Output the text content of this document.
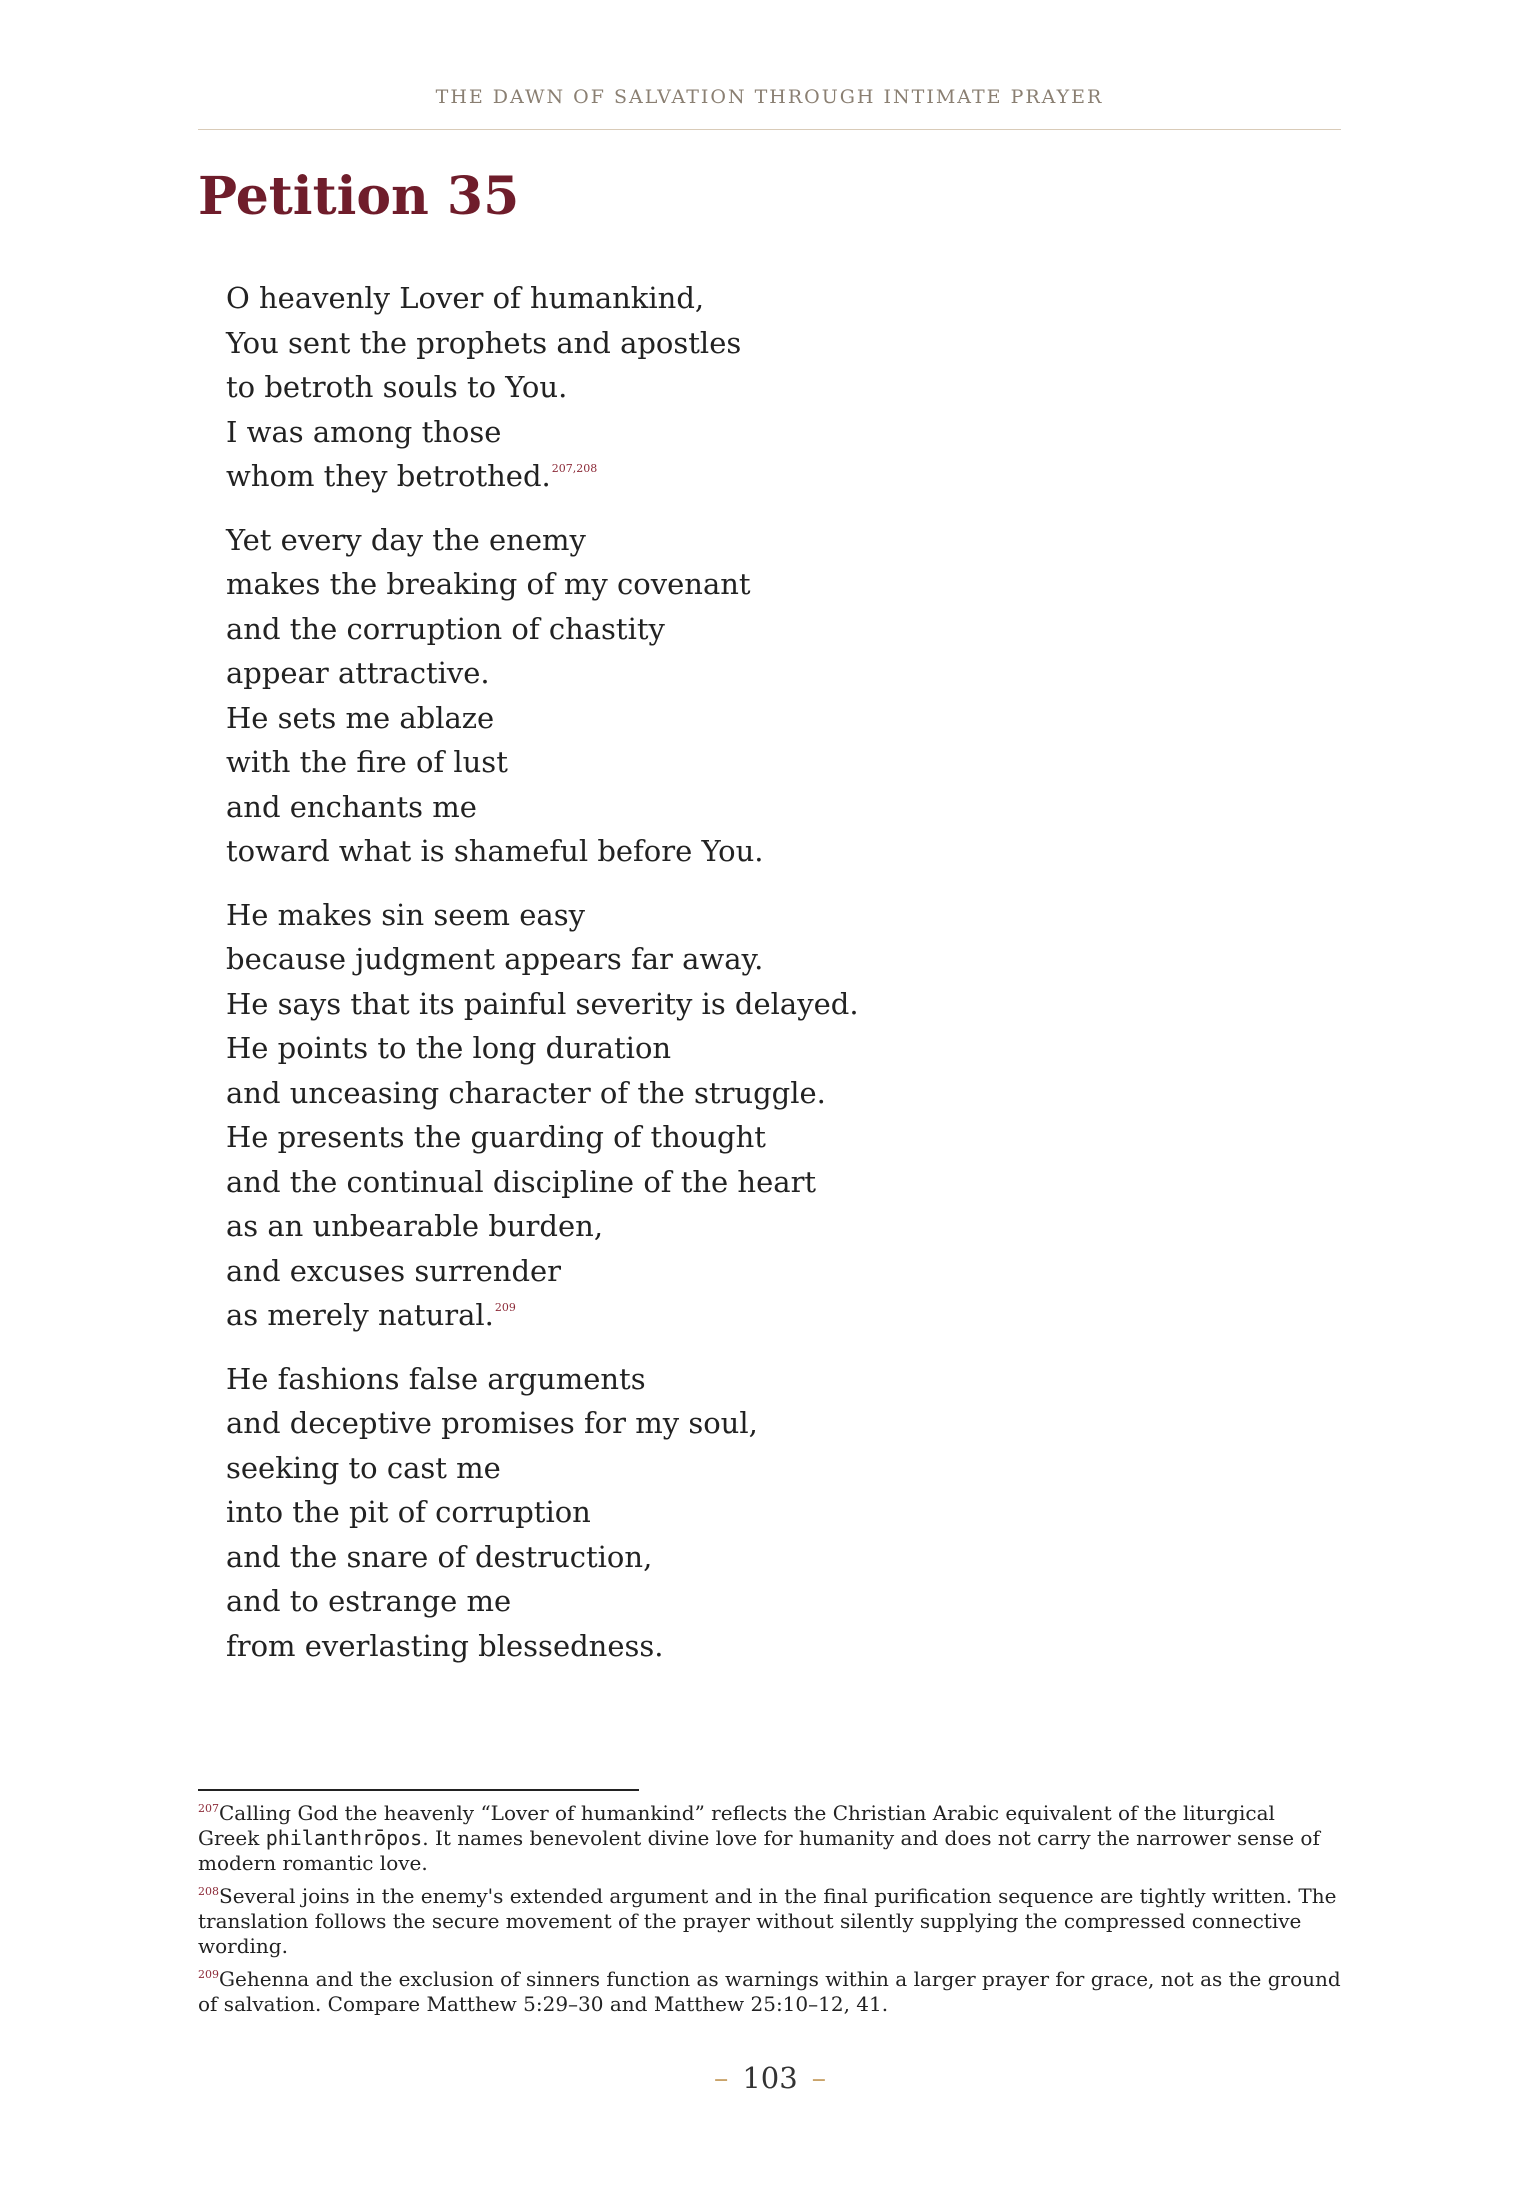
THE DAWN OF SALVATION THROUGH INTIMATE PRAYER
Petition 35
O heavenly Lover of humankind,
You sent the prophets and apostles
to betroth souls to You.
I was among those
whom they betrothed.$^{207,208}$
Yet every day the enemy
makes the breaking of my covenant
and the corruption of chastity
appear attractive.
He sets me ablaze
with the fire of lust
and enchants me
toward what is shameful before You.
He makes sin seem easy
because judgment appears far away.
He says that its painful severity is delayed.
He points to the long duration
and unceasing character of the struggle.
He presents the guarding of thought
and the continual discipline of the heart
as an unbearable burden,
and excuses surrender
as merely natural.$^{209}$
He fashions false arguments
and deceptive promises for my soul,
seeking to cast me
into the pit of corruption
and the snare of destruction,
and to estrange me
from everlasting blessedness.

$^{207}$Calling God the heavenly “Lover of humankind” reflects the Christian Arabic equivalent of the liturgical Greek philanthrōpos. It names benevolent divine love for humanity and does not carry the narrower sense of modern romantic love.

$^{208}$Several joins in the enemy's extended argument and in the final purification sequence are tightly written. The translation follows the secure movement of the prayer without silently supplying the compressed connective wording.

$^{209}$Gehenna and the exclusion of sinners function as warnings within a larger prayer for grace, not as the ground of salvation. Compare Matthew 5:29–30 and Matthew 25:10–12, 41.

– 103 –
